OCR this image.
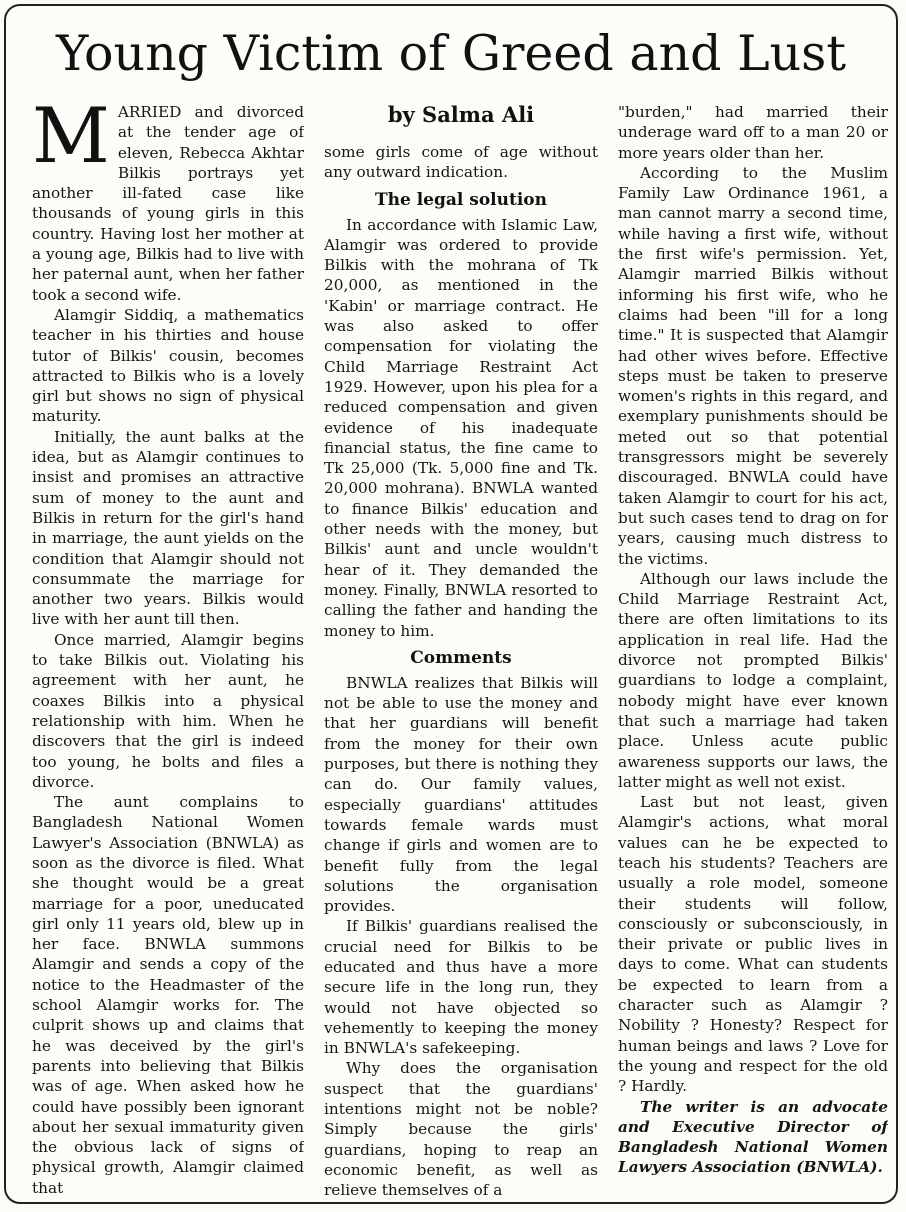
Young Victim of Greed and Lust

MARRIED and divorced at the tender age of eleven, Rebecca Akhtar Bilkis portrays yet another ill-fated case like thousands of young girls in this country. Having lost her mother at a young age, Bilkis had to live with her paternal aunt, when her father took a second wife.

Alamgir Siddiq, a mathematics teacher in his thirties and house tutor of Bilkis' cousin, becomes attracted to Bilkis who is a lovely girl but shows no sign of physical maturity.

Initially, the aunt balks at the idea, but as Alamgir continues to insist and promises an attractive sum of money to the aunt and Bilkis in return for the girl's hand in marriage, the aunt yields on the condition that Alamgir should not consummate the marriage for another two years. Bilkis would live with her aunt till then.

Once married, Alamgir begins to take Bilkis out. Violating his agreement with her aunt, he coaxes Bilkis into a physical relationship with him. When he discovers that the girl is indeed too young, he bolts and files a divorce.

The aunt complains to Bangladesh National Women Lawyer's Association (BNWLA) as soon as the divorce is filed. What she thought would be a great marriage for a poor, uneducated girl only 11 years old, blew up in her face. BNWLA summons Alamgir and sends a copy of the notice to the Headmaster of the school Alamgir works for. The culprit shows up and claims that he was deceived by the girl's parents into believing that Bilkis was of age. When asked how he could have possibly been ignorant about her sexual immaturity given the obvious lack of signs of physical growth, Alamgir claimed that

by Salma Ali

some girls come of age without any outward indication.

The legal solution

In accordance with Islamic Law, Alamgir was ordered to provide Bilkis with the mohrana of Tk 20,000, as mentioned in the 'Kabin' or marriage contract. He was also asked to offer compensation for violating the Child Marriage Restraint Act 1929. However, upon his plea for a reduced compensation and given evidence of his inadequate financial status, the fine came to Tk 25,000 (Tk. 5,000 fine and Tk. 20,000 mohrana). BNWLA wanted to finance Bilkis' education and other needs with the money, but Bilkis' aunt and uncle wouldn't hear of it. They demanded the money. Finally, BNWLA resorted to calling the father and handing the money to him.

Comments

BNWLA realizes that Bilkis will not be able to use the money and that her guardians will benefit from the money for their own purposes, but there is nothing they can do. Our family values, especially guardians' attitudes towards female wards must change if girls and women are to benefit fully from the legal solutions the organisation provides.

If Bilkis' guardians realised the crucial need for Bilkis to be educated and thus have a more secure life in the long run, they would not have objected so vehemently to keeping the money in BNWLA's safekeeping.

Why does the organisation suspect that the guardians' intentions might not be noble? Simply because the girls' guardians, hoping to reap an economic benefit, as well as relieve themselves of a

"burden," had married their underage ward off to a man 20 or more years older than her.

According to the Muslim Family Law Ordinance 1961, a man cannot marry a second time, while having a first wife, without the first wife's permission. Yet, Alamgir married Bilkis without informing his first wife, who he claims had been "ill for a long time." It is suspected that Alamgir had other wives before. Effective steps must be taken to preserve women's rights in this regard, and exemplary punishments should be meted out so that potential transgressors might be severely discouraged. BNWLA could have taken Alamgir to court for his act, but such cases tend to drag on for years, causing much distress to the victims.

Although our laws include the Child Marriage Restraint Act, there are often limitations to its application in real life. Had the divorce not prompted Bilkis' guardians to lodge a complaint, nobody might have ever known that such a marriage had taken place. Unless acute public awareness supports our laws, the latter might as well not exist.

Last but not least, given Alamgir's actions, what moral values can he be expected to teach his students? Teachers are usually a role model, someone their students will follow, consciously or subconsciously, in their private or public lives in days to come. What can students be expected to learn from a character such as Alamgir ? Nobility ? Honesty? Respect for human beings and laws ? Love for the young and respect for the old ? Hardly.

The writer is an advocate and Executive Director of Bangladesh National Women Lawyers Association (BNWLA).
